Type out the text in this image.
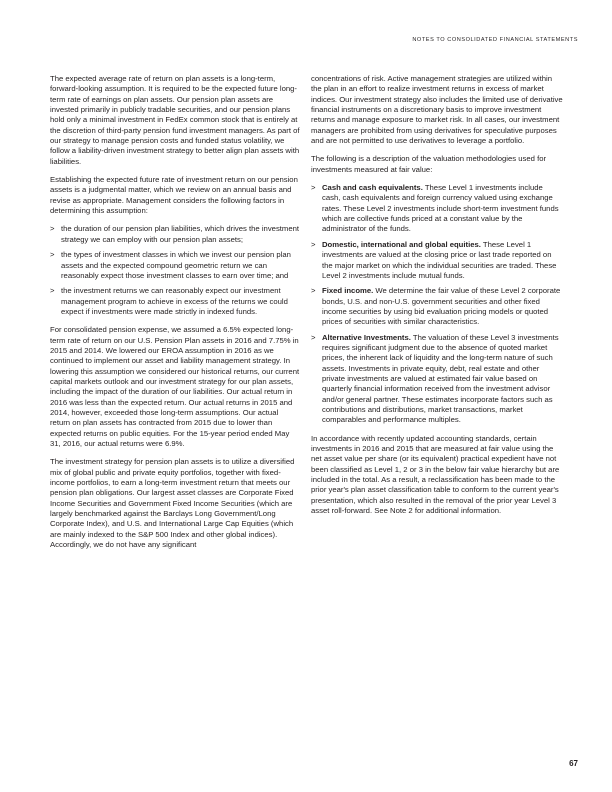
NOTES TO CONSOLIDATED FINANCIAL STATEMENTS

The expected average rate of return on plan assets is a long-term, forward-looking assumption. It is required to be the expected future long-term rate of earnings on plan assets. Our pension plan assets are invested primarily in publicly tradable securities, and our pension plans hold only a minimal investment in FedEx common stock that is entirely at the discretion of third-party pension fund investment managers. As part of our strategy to manage pension costs and funded status volatility, we follow a liability-driven investment strategy to better align plan assets with liabilities.

Establishing the expected future rate of investment return on our pension assets is a judgmental matter, which we review on an annual basis and revise as appropriate. Management considers the following factors in determining this assumption:

> the duration of our pension plan liabilities, which drives the investment strategy we can employ with our pension plan assets;
> the types of investment classes in which we invest our pension plan assets and the expected compound geometric return we can reasonably expect those investment classes to earn over time; and
> the investment returns we can reasonably expect our investment management program to achieve in excess of the returns we could expect if investments were made strictly in indexed funds.

For consolidated pension expense, we assumed a 6.5% expected long-term rate of return on our U.S. Pension Plan assets in 2016 and 7.75% in 2015 and 2014. We lowered our EROA assumption in 2016 as we continued to implement our asset and liability management strategy. In lowering this assumption we considered our historical returns, our current capital markets outlook and our investment strategy for our plan assets, including the impact of the duration of our liabilities. Our actual return in 2016 was less than the expected return. Our actual returns in 2015 and 2014, however, exceeded those long-term assumptions. Our actual return on plan assets has contracted from 2015 due to lower than expected returns on public equities. For the 15-year period ended May 31, 2016, our actual returns were 6.9%.

The investment strategy for pension plan assets is to utilize a diversified mix of global public and private equity portfolios, together with fixed-income portfolios, to earn a long-term investment return that meets our pension plan obligations. Our largest asset classes are Corporate Fixed Income Securities and Government Fixed Income Securities (which are largely benchmarked against the Barclays Long Government/Long Corporate Index), and U.S. and International Large Cap Equities (which are mainly indexed to the S&P 500 Index and other global indices). Accordingly, we do not have any significant

concentrations of risk. Active management strategies are utilized within the plan in an effort to realize investment returns in excess of market indices. Our investment strategy also includes the limited use of derivative financial instruments on a discretionary basis to improve investment returns and manage exposure to market risk. In all cases, our investment managers are prohibited from using derivatives for speculative purposes and are not permitted to use derivatives to leverage a portfolio.

The following is a description of the valuation methodologies used for investments measured at fair value:

> Cash and cash equivalents. These Level 1 investments include cash, cash equivalents and foreign currency valued using exchange rates. These Level 2 investments include short-term investment funds which are collective funds priced at a constant value by the administrator of the funds.
> Domestic, international and global equities. These Level 1 investments are valued at the closing price or last trade reported on the major market on which the individual securities are traded. These Level 2 investments include mutual funds.
> Fixed income. We determine the fair value of these Level 2 corporate bonds, U.S. and non-U.S. government securities and other fixed income securities by using bid evaluation pricing models or quoted prices of securities with similar characteristics.
> Alternative Investments. The valuation of these Level 3 investments requires significant judgment due to the absence of quoted market prices, the inherent lack of liquidity and the long-term nature of such assets. Investments in private equity, debt, real estate and other private investments are valued at estimated fair value based on quarterly financial information received from the investment advisor and/or general partner. These estimates incorporate factors such as contributions and distributions, market transactions, market comparables and performance multiples.

In accordance with recently updated accounting standards, certain investments in 2016 and 2015 that are measured at fair value using the net asset value per share (or its equivalent) practical expedient have not been classified as Level 1, 2 or 3 in the below fair value hierarchy but are included in the total. As a result, a reclassification has been made to the prior year's plan asset classification table to conform to the current year's presentation, which also resulted in the removal of the prior year Level 3 asset roll-forward. See Note 2 for additional information.

67
